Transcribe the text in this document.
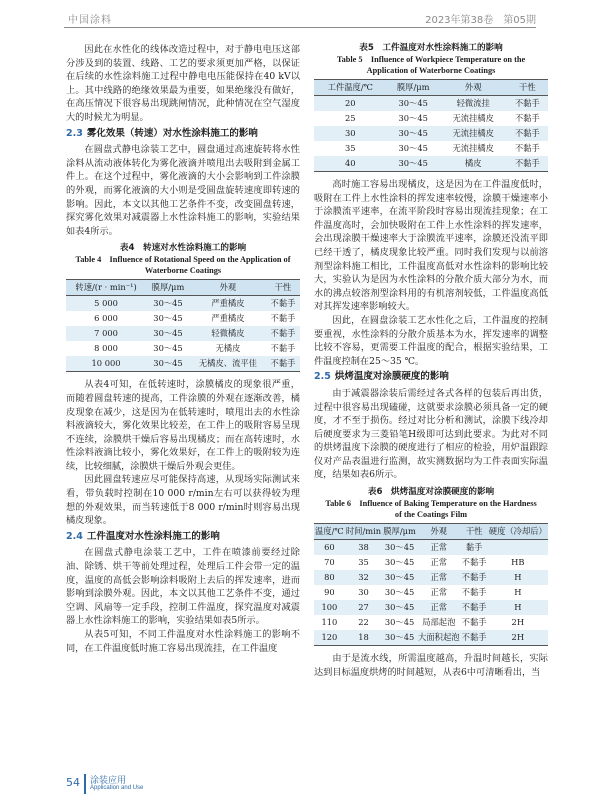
中国涂料	2023年第38卷　第05期

因此在水性化的线体改造过程中，对于静电电压这部分涉及到的装置、线路、工艺的要求须更加严格，以保证在后续的水性涂料施工过程中静电电压能保持在40 kV以上。其中线路的绝缘效果最为重要，如果绝缘没有做好，在高压情况下很容易出现跳闸情况，此种情况在空气湿度大的时候尤为明显。

2.3 雾化效果（转速）对水性涂料施工的影响

在圆盘式静电涂装工艺中，圆盘通过高速旋转将水性涂料从流动液体转化为雾化液滴并喷甩出去吸附到金属工件上。在这个过程中，雾化液滴的大小会影响到工件涂膜的外观，而雾化液滴的大小则是受圆盘旋转速度即转速的影响。因此，本文以其他工艺条件不变，改变圆盘转速，探究雾化效果对减震器上水性涂料施工的影响，实验结果如表4所示。

表4　转速对水性涂料施工的影响
Table 4　Influence of Rotational Speed on the Application of Waterborne Coatings
转速/(r · min⁻¹)	膜厚/μm	外观	干性
5 000	30～45	严重橘皮	不黏手
6 000	30～45	严重橘皮	不黏手
7 000	30～45	轻微橘皮	不黏手
8 000	30～45	无橘皮	不黏手
10 000	30～45	无橘皮、流平佳	不黏手

从表4可知，在低转速时，涂膜橘皮的现象很严重，而随着圆盘转速的提高，工件涂膜的外观在逐渐改善，橘皮现象在减少，这是因为在低转速时，喷甩出去的水性涂料液滴较大，雾化效果比较差，在工件上的吸附容易呈现不连续，涂膜烘干燥后容易出现橘皮；而在高转速时，水性涂料液滴比较小，雾化效果好，在工件上的吸附较为连续，比较细腻，涂膜烘干燥后外观会更佳。

因此圆盘转速应尽可能保持高速，从现场实际测试来看，带负载时控制在10 000 r/min左右可以获得较为理想的外观效果，而当转速低于8 000 r/min时则容易出现橘皮现象。

2.4 工件温度对水性涂料施工的影响

在圆盘式静电涂装工艺中，工件在喷漆前要经过除油、除锈、烘干等前处理过程，处理后工件会带一定的温度，温度的高低会影响涂料吸附上去后的挥发速率，进而影响到涂膜外观。因此，本文以其他工艺条件不变，通过空调、风扇等一定手段，控制工件温度，探究温度对减震器上水性涂料施工的影响，实验结果如表5所示。

从表5可知，不同工件温度对水性涂料施工的影响不同，在工件温度低时施工容易出现流挂，在工件温度

表5　工件温度对水性涂料施工的影响
Table 5　Influence of Workpiece Temperature on the
Application of Waterborne Coatings
工件温度/℃	膜厚/μm	外观	干性
20	30～45	轻微流挂	不黏手
25	30～45	无流挂橘皮	不黏手
30	30～45	无流挂橘皮	不黏手
35	30～45	无流挂橘皮	不黏手
40	30～45	橘皮	不黏手

高时施工容易出现橘皮，这是因为在工件温度低时，吸附在工件上水性涂料的挥发速率较慢，涂膜干燥速率小于涂膜流平速率，在流平阶段时容易出现流挂现象；在工件温度高时，会加快吸附在工件上水性涂料的挥发速率，会出现涂膜干燥速率大于涂膜流平速率，涂膜还没流平即已经干透了，橘皮现象比较严重。同时我们发现与以前溶剂型涂料施工相比，工件温度高低对水性涂料的影响比较大，实验认为是因为水性涂料的分散介质大部分为水，而水的沸点较溶剂型涂料用的有机溶剂较低，工件温度高低对其挥发速率影响较大。

因此，在圆盘涂装工艺水性化之后，工件温度的控制要重视，水性涂料的分散介质基本为水，挥发速率的调整比较不容易，更需要工件温度的配合，根据实验结果，工件温度控制在25～35 ℃。

2.5 烘烤温度对涂膜硬度的影响

由于减震器涂装后需经过各式各样的包装后再出货，过程中很容易出现磕碰，这就要求涂膜必须具备一定的硬度，才不至于损伤。经过对比分析和测试，涂膜下线冷却后硬度要求为三菱铅笔H级即可达到此要求。为此对不同的烘烤温度下涂膜的硬度进行了相应的检验，用炉温跟踪仪对产品表温进行监测，故实测数据均为工件表面实际温度，结果如表6所示。

表6　烘烤温度对涂膜硬度的影响
Table 6　Influence of Baking Temperature on the Hardness
of the Coatings Film
温度/℃	时间/min	膜厚/μm	外观	干性	硬度（冷却后）
60	38	30～45	正常	黏手	
70	35	30～45	正常	不黏手	HB
80	32	30～45	正常	不黏手	H
90	30	30～45	正常	不黏手	H
100	27	30～45	正常	不黏手	H
110	22	30～45	局部起泡	不黏手	2H
120	18	30～45	大面积起泡	不黏手	2H

由于是流水线，所需温度越高，升温时间越长，实际达到目标温度烘烤的时间越短，从表6中可清晰看出，当

54 涂装应用
Application and Use
